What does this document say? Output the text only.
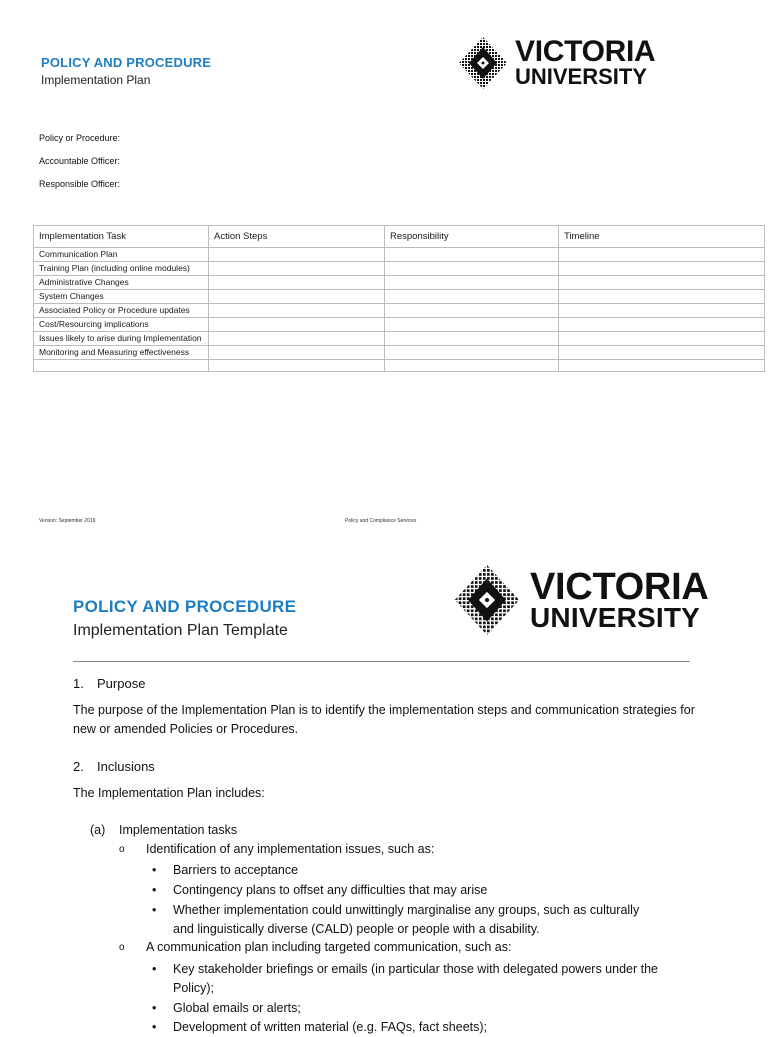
POLICY AND PROCEDURE
Implementation Plan
VICTORIA
UNIVERSITY
Policy or Procedure:
Accountable Officer:
Responsible Officer:
Implementation Task	Action Steps	Responsibility	Timeline
Communication Plan			
Training Plan (including online modules)			
Administrative Changes			
System Changes			
Associated Policy or Procedure updates			
Cost/Resourcing implications			
Issues likely to arise during Implementation			
Monitoring and Measuring effectiveness			

Version: September 2019	Policy and Compliance Services
POLICY AND PROCEDURE
Implementation Plan Template
VICTORIA
UNIVERSITY
1. Purpose
The purpose of the Implementation Plan is to identify the implementation steps and communication strategies for new or amended Policies or Procedures.
2. Inclusions
The Implementation Plan includes:
(a) Implementation tasks
o Identification of any implementation issues, such as:
• Barriers to acceptance
• Contingency plans to offset any difficulties that may arise
• Whether implementation could unwittingly marginalise any groups, such as culturally and linguistically diverse (CALD) people or people with a disability.
o A communication plan including targeted communication, such as:
• Key stakeholder briefings or emails (in particular those with delegated powers under the Policy);
• Global emails or alerts;
• Development of written material (e.g. FAQs, fact sheets);
